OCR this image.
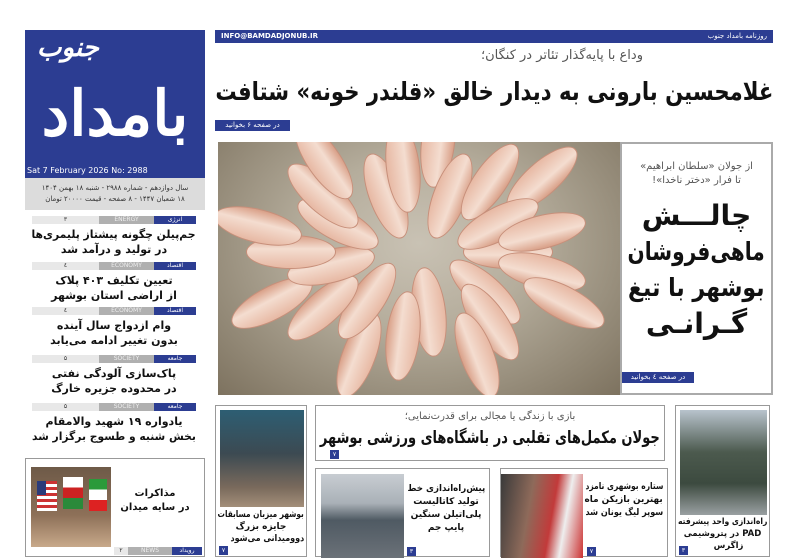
جنوب
بامداد
Sat 7 February 2026 No: 2988
سال دوازدهم - شماره ۲۹۸۸ - شنبه ۱۸ بهمن ۱۴۰۴
۱۸ شعبان ۱۴۴۷ - ۸ صفحه - قیمت ۲۰۰۰۰ تومان
۳	ENERGY	انرژی
جم‌پیلن چگونه پیشتاز پلیمری‌ها
در تولید و درآمد شد
٤	ECONOMY	اقتصاد
تعیین تکلیف ۴۰۳ پلاک
از اراضی استان بوشهر
٤	ECONOMY	اقتصاد
وام ازدواج سال آینده
بدون تغییر ادامه می‌یابد
۵	SOCIETY	جامعه
پاک‌سازی آلودگی نفتی
در محدوده جزیره خارگ
۵	SOCIETY	جامعه
یادواره ۱۹ شهید والامقام
بخش شنبه و طسوج برگزار شد
مذاکرات
در سایه میدان
۲	NEWS	رویداد
INFO@BAMDADJONUB.IR	روزنامه بامداد جنوب
وداع با پایه‌گذار تئاتر در کنگان؛
غلامحسین بارونی به دیدار خالق «قلندر خونه» شتافت
در صفحه ۶ بخوانید
از جولان «سلطان ابراهیم»
تا فرار «دختر ناخدا»!
چالـــش
ماهی‌فروشان
بوشهر با تیغ
گـرانـی
در صفحه ٤ بخوانید
بوشهر میزبان مسابقات
جایزه بزرگ
دوومیدانی می‌شود
۷
بازی با زندگی یا مجالی برای قدرت‌نمایی؛
جولان مکمل‌های تقلبی در باشگاه‌های ورزشی بوشهر
۷
پیش‌راه‌اندازی خط
تولید کاتالیست
پلی‌اتیلن سنگین
پایپ جم
۳
ستاره بوشهری نامزد
بهترین بازیکن ماه
سوپر لیگ یونان شد
۷
راه‌اندازی واحد پیشرفته
PAD در پتروشیمی
زاگرس
۳
